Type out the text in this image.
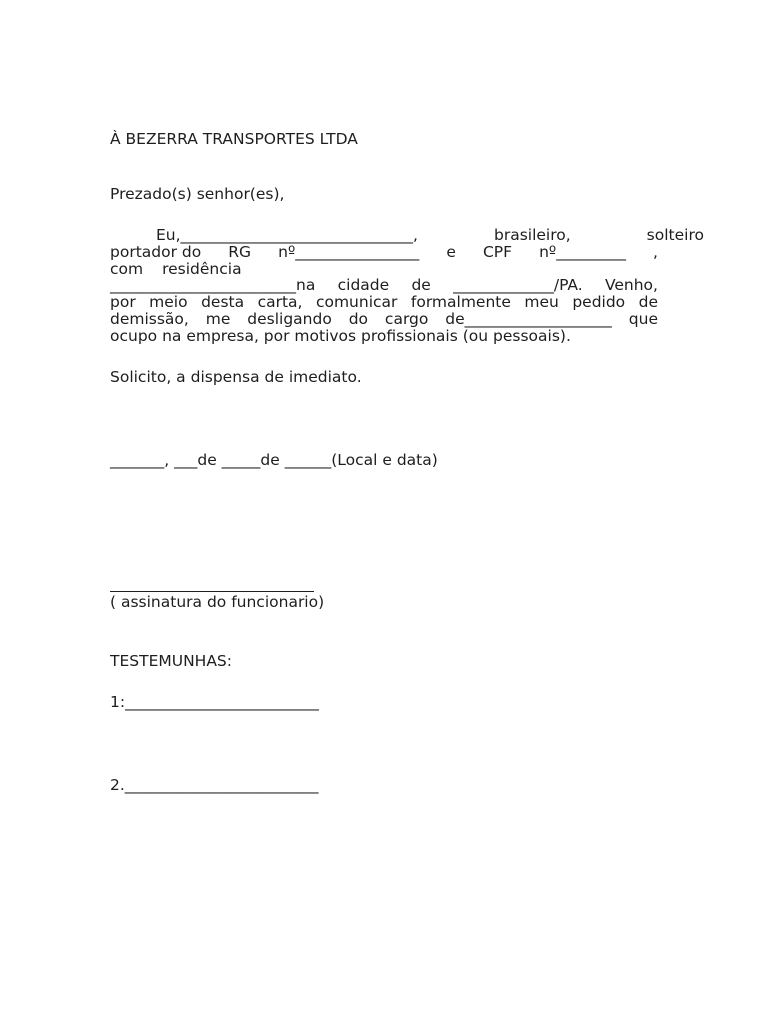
À BEZERRA TRANSPORTES LTDA
Prezado(s) senhor(es),
Eu,______________________________,	brasileiro,	solteiro
portador do RG nº________________ e CPF nº_________ ,
com residência
________________________na cidade de _____________/PA. Venho,
por meio desta carta, comunicar formalmente meu pedido de
demissão, me desligando do cargo de___________________ que
ocupo na empresa, por motivos profissionais (ou pessoais).
Solicito, a dispensa de imediato.
_______, ___de _____de ______(Local e data)
( assinatura do funcionario)
TESTEMUNHAS:
1:_________________________
2._________________________
